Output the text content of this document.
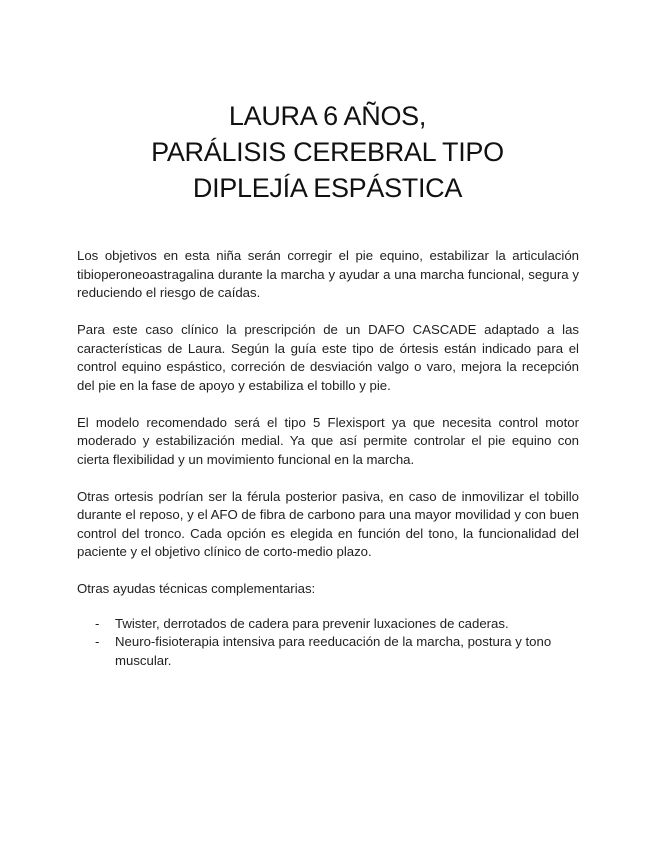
LAURA 6 AÑOS,
PARÁLISIS CEREBRAL TIPO
DIPLEJÍA ESPÁSTICA

Los objetivos en esta niña serán corregir el pie equino, estabilizar la articulación tibioperoneoastragalina durante la marcha y ayudar a una marcha funcional, segura y reduciendo el riesgo de caídas.

Para este caso clínico la prescripción de un DAFO CASCADE adaptado a las características de Laura. Según la guía este tipo de órtesis están indicado para el control equino espástico, correción de desviación valgo o varo, mejora la recepción del pie en la fase de apoyo y estabiliza el tobillo y pie.

El modelo recomendado será el tipo 5 Flexisport ya que necesita control motor moderado y estabilización medial. Ya que así permite controlar el pie equino con cierta flexibilidad y un movimiento funcional en la marcha.

Otras ortesis podrían ser la férula posterior pasiva, en caso de inmovilizar el tobillo durante el reposo, y el AFO de fibra de carbono para una mayor movilidad y con buen control del tronco. Cada opción es elegida en función del tono, la funcionalidad del paciente y el objetivo clínico de corto-medio plazo.

Otras ayudas técnicas complementarias:

- Twister, derrotados de cadera para prevenir luxaciones de caderas.
- Neuro-fisioterapia intensiva para reeducación de la marcha, postura y tono muscular.
